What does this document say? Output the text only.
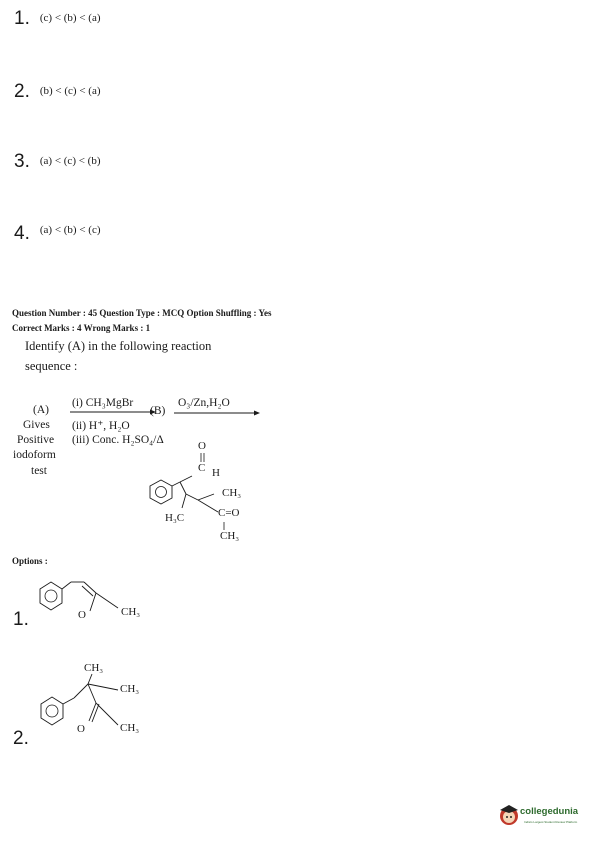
1. (c) < (b) < (a)
2. (b) < (c) < (a)
3. (a) < (c) < (b)
4. $^{(a) < (b) < (c)}$
Question Number : 45 Question Type : MCQ Option Shuffling : Yes
Correct Marks : 4 Wrong Marks : 1
Identify (A) in the following reaction
sequence :
(A)
Gives
Positive
iodoform
test
(i) CH₃MgBr
(ii) H⁺, H₂O
(iii) Conc. H₂SO₄/Δ
(B)
O₃/Zn,H₂O
O
C H
CH₃
H₃C	C=O
CH₃
Options :
O	CH₃
1.
CH₃
CH₃
O	CH₃
2.
collegedunia
India's Largest Student Review Platform
